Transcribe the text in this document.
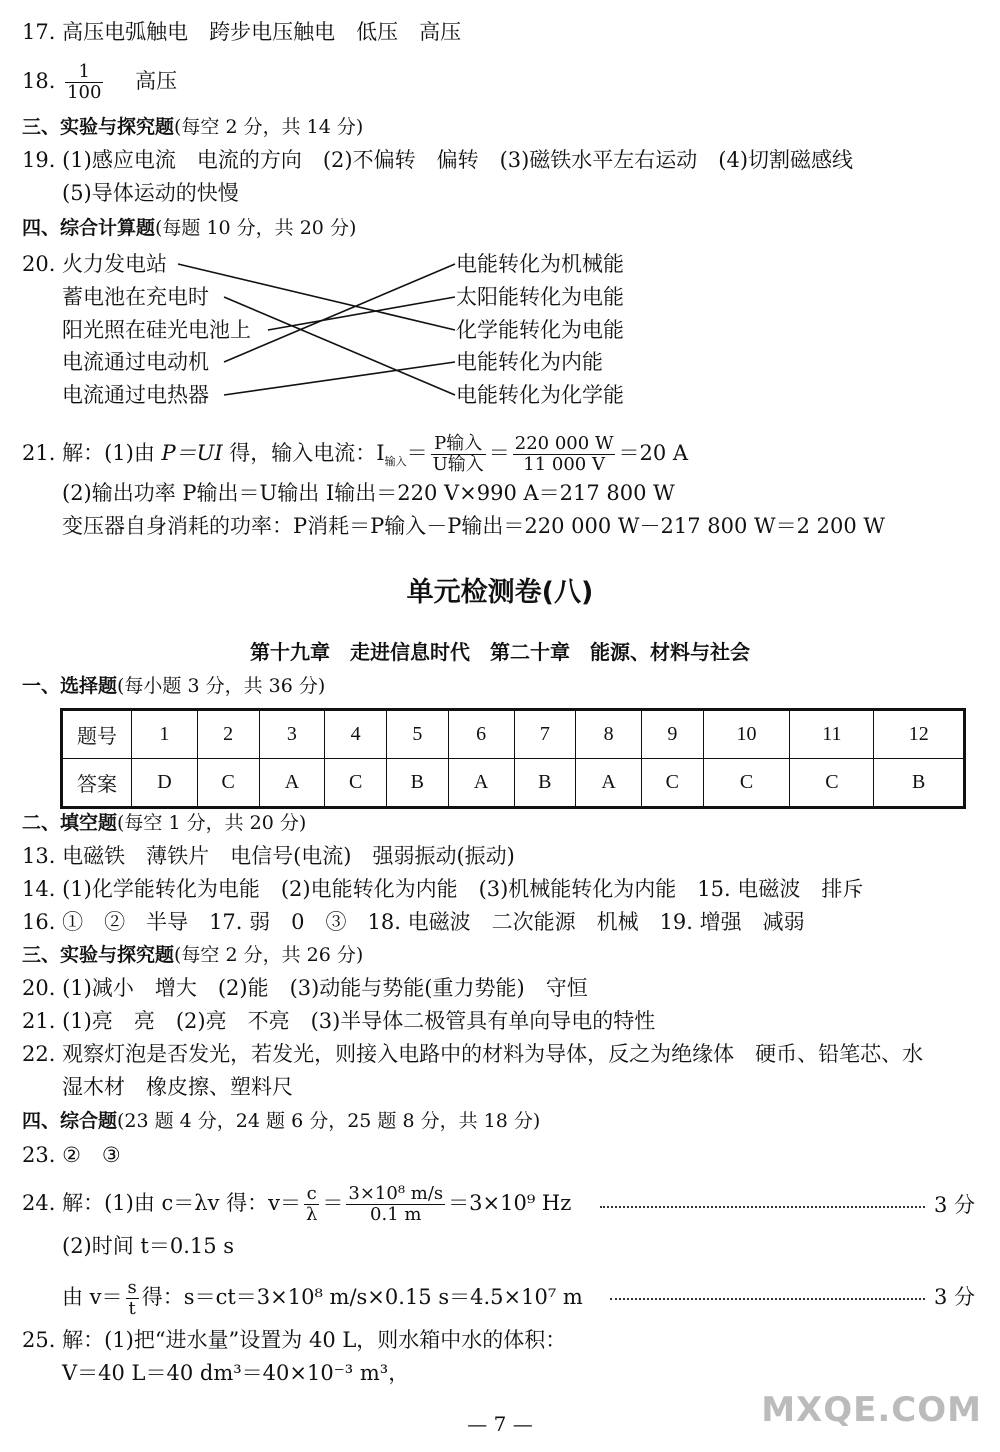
17. 高压电弧触电　跨步电压触电　低压　高压
18. $\frac{1}{100}$ 高压
三、实验与探究题(每空 2 分，共 14 分)
19. (1)感应电流　电流的方向　(2)不偏转　偏转　(3)磁铁水平左右运动　(4)切割磁感线
(5)导体运动的快慢
四、综合计算题(每题 10 分，共 20 分)
20. 火力发电站
蓄电池在充电时
阳光照在硅光电池上
电流通过电动机
电流通过电热器
电能转化为机械能
太阳能转化为电能
化学能转化为电能
电能转化为内能
电能转化为化学能
21. 解：(1)由 P＝UI 得，输入电流：$I_{输入}= \frac{\text{P输入}}{\text{U输入}} = \frac{220 000 W}{11 000 V} =20$ A
(2)输出功率 P输出＝U输出 I输出＝220 V×990 A＝217 800 W
变压器自身消耗的功率：P消耗＝P输入－P输出＝220 000 W－217 800 W＝2 200 W
单元检测卷(八)
第十九章　走进信息时代　第二十章　能源、材料与社会
一、选择题(每小题 3 分，共 36 分)
题号	1	2	3	4	5	6	7	8	9	10	11	12
答案	D	C	A	C	B	A	B	A	C	C	C	B
二、填空题(每空 1 分，共 20 分)
13. 电磁铁　薄铁片　电信号(电流)　强弱振动(振动)
14. (1)化学能转化为电能　(2)电能转化为内能　(3)机械能转化为内能　15. 电磁波　排斥
16. ①　②　半导　17. 弱　0　③　18. 电磁波　二次能源　机械　19. 增强　减弱
三、实验与探究题(每空 2 分，共 26 分)
20. (1)减小　增大　(2)能　(3)动能与势能(重力势能)　守恒
21. (1)亮　亮　(2)亮　不亮　(3)半导体二极管具有单向导电的特性
22. 观察灯泡是否发光，若发光，则接入电路中的材料为导体，反之为绝缘体　硬币、铅笔芯、水
湿木材　橡皮擦、塑料尺
四、综合题(23 题 4 分，24 题 6 分，25 题 8 分，共 18 分)
23. ②　③
24. 解：(1)由 c＝λv 得：$v= \frac{c}{\lambda} = \frac{\text{3×10⁸ m/s}}{0.1 m} =3\times 10^9$ Hz	3 分
(2)时间 t＝0.15 s
由 $v= \frac{s}{t}$ 得：s＝ct＝3×10⁸ m/s×0.15 s＝4.5×10⁷ m	3 分
25. 解：(1)把“进水量”设置为 40 L，则水箱中水的体积：
V＝40 L＝40 dm³＝40×10⁻³ m³，
— 7 —	MXQE.COM
